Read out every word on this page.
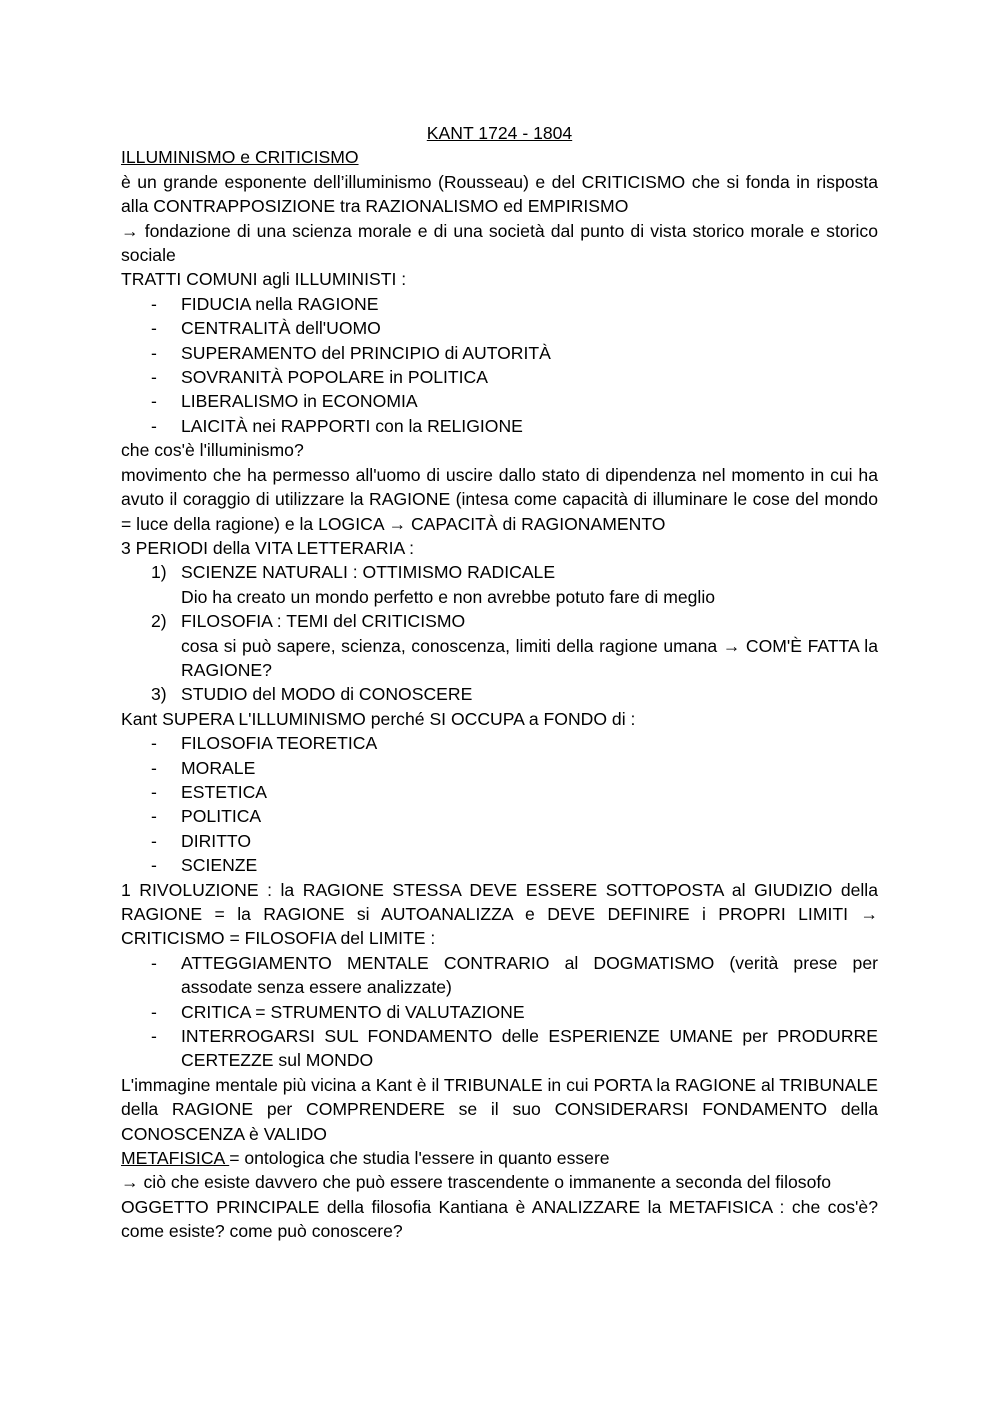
KANT 1724 - 1804
ILLUMINISMO e CRITICISMO

è un grande esponente dell’illuminismo (Rousseau) e del CRITICISMO che si fonda in risposta alla CONTRAPPOSIZIONE tra RAZIONALISMO ed EMPIRISMO

→ fondazione di una scienza morale e di una società dal punto di vista storico morale e storico sociale

TRATTI COMUNI agli ILLUMINISTI :
- FIDUCIA nella RAGIONE
- CENTRALITÀ dell'UOMO
- SUPERAMENTO del PRINCIPIO di AUTORITÀ
- SOVRANITÀ POPOLARE in POLITICA
- LIBERALISMO in ECONOMIA
- LAICITÀ nei RAPPORTI con la RELIGIONE
che cos'è l'illuminismo?

movimento che ha permesso all'uomo di uscire dallo stato di dipendenza nel momento in cui ha avuto il coraggio di utilizzare la RAGIONE (intesa come capacità di illuminare le cose del mondo = luce della ragione) e la LOGICA → CAPACITÀ di RAGIONAMENTO

3 PERIODI della VITA LETTERARIA :
1) SCIENZE NATURALI : OTTIMISMO RADICALE
Dio ha creato un mondo perfetto e non avrebbe potuto fare di meglio
2) FILOSOFIA : TEMI del CRITICISMO
cosa si può sapere, scienza, conoscenza, limiti della ragione umana → COM'È FATTA la RAGIONE?
3) STUDIO del MODO di CONOSCERE
Kant SUPERA L'ILLUMINISMO perché SI OCCUPA a FONDO di :
- FILOSOFIA TEORETICA
- MORALE
- ESTETICA
- POLITICA
- DIRITTO
- SCIENZE

1 RIVOLUZIONE : la RAGIONE STESSA DEVE ESSERE SOTTOPOSTA al GIUDIZIO della RAGIONE = la RAGIONE si AUTOANALIZZA e DEVE DEFINIRE i PROPRI LIMITI → CRITICISMO = FILOSOFIA del LIMITE :

- ATTEGGIAMENTO MENTALE CONTRARIO al DOGMATISMO (verità prese per assodate senza essere analizzate)
- CRITICA = STRUMENTO di VALUTAZIONE
- INTERROGARSI SUL FONDAMENTO delle ESPERIENZE UMANE per PRODURRE CERTEZZE sul MONDO

L'immagine mentale più vicina a Kant è il TRIBUNALE in cui PORTA la RAGIONE al TRIBUNALE della RAGIONE per COMPRENDERE se il suo CONSIDERARSI FONDAMENTO della CONOSCENZA è VALIDO

METAFISICA = ontologica che studia l'essere in quanto essere
→ ciò che esiste davvero che può essere trascendente o immanente a seconda del filosofo

OGGETTO PRINCIPALE della filosofia Kantiana è ANALIZZARE la METAFISICA : che cos'è? come esiste? come può conoscere?
